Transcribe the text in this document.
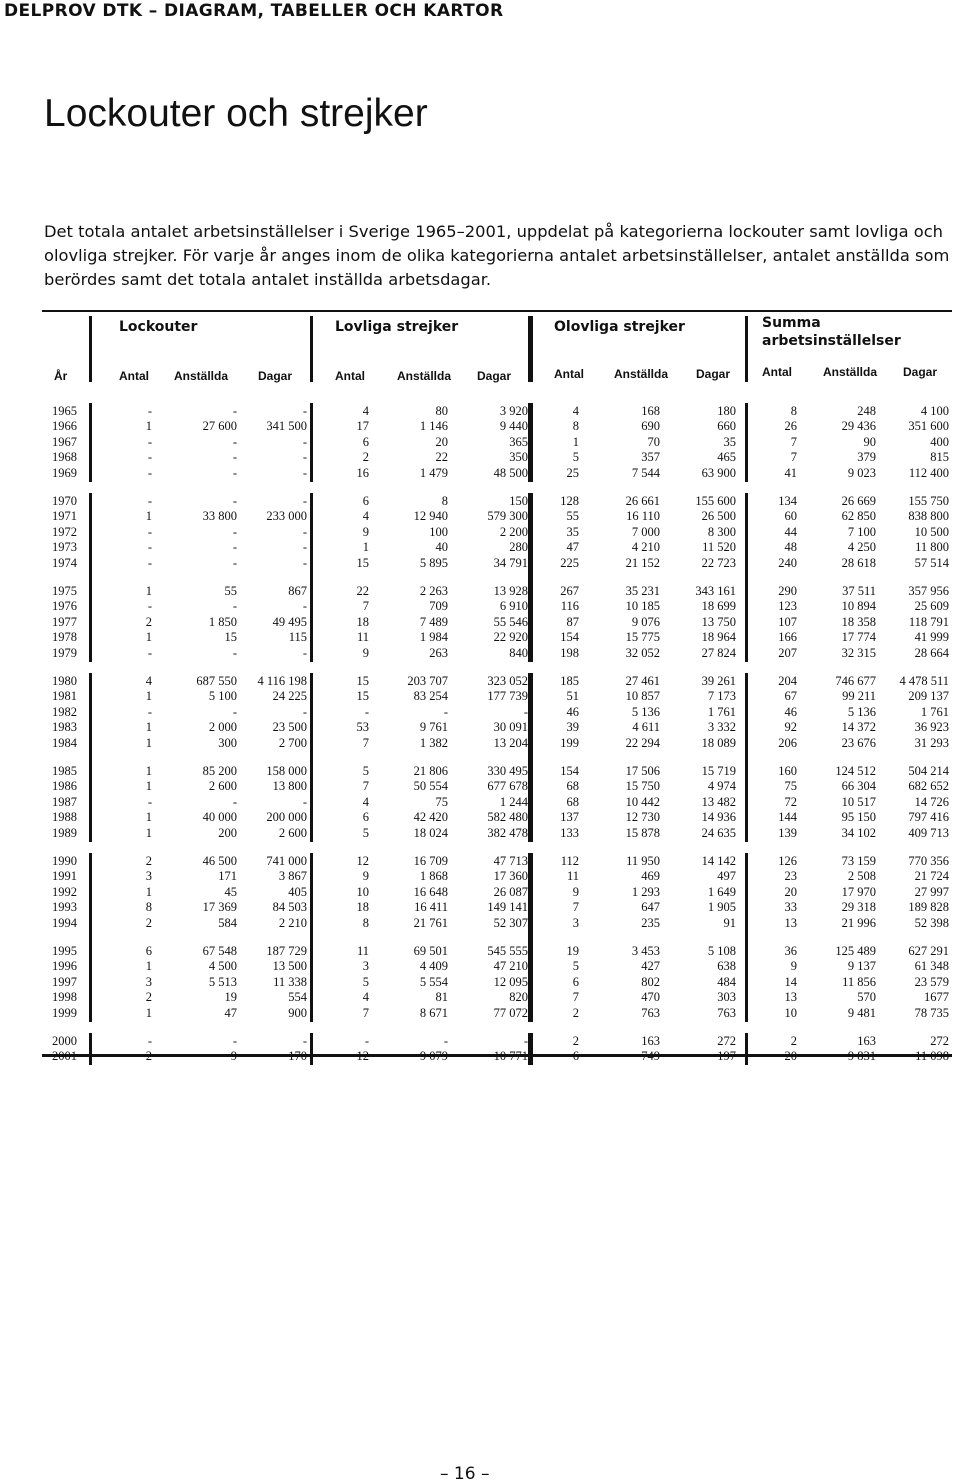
DELPROV DTK – DIAGRAM, TABELLER OCH KARTOR
Lockouter och strejker

Det totala antalet arbetsinställelser i Sverige 1965–2001, uppdelat på kategorierna lockouter samt lovliga och olovliga strejker. För varje år anges inom de olika kategorierna antalet arbetsinställelser, antalet anställda som berördes samt det totala antalet inställda arbetsdagar.

Lockouter	Lovliga strejker	Olovliga strejker	Summa arbetsinställelser
År	Antal Anställda Dagar	Antal	Anställda Dagar	Antal	Anställda Dagar	Antal	Anställda Dagar
1965	-	-	-	4	80	3 920	4	168	180	8	248	4 100
1966	1	27 600	341 500	17	1 146	9 440	8	690	660	26	29 436	351 600
1967	-	-	-	6	20	365	1	70	35	7	90	400
1968	-	-	-	2	22	350	5	357	465	7	379	815
1969	-	-	-	16	1 479	48 500	25	7 544	63 900	41	9 023	112 400
1970	-	-	-	6	8	150	128	26 661	155 600	134	26 669	155 750
1971	1	33 800	233 000	4	12 940	579 300	55	16 110	26 500	60	62 850	838 800
1972	-	-	-	9	100	2 200	35	7 000	8 300	44	7 100	10 500
1973	-	-	-	1	40	280	47	4 210	11 520	48	4 250	11 800
1974	-	-	-	15	5 895	34 791	225	21 152	22 723	240	28 618	57 514
1975	1	55	867	22	2 263	13 928	267	35 231	343 161	290	37 511	357 956
1976	-	-	-	7	709	6 910	116	10 185	18 699	123	10 894	25 609
1977	2	1 850	49 495	18	7 489	55 546	87	9 076	13 750	107	18 358	118 791
1978	1	15	115	11	1 984	22 920	154	15 775	18 964	166	17 774	41 999
1979	-	-	-	9	263	840	198	32 052	27 824	207	32 315	28 664
1980	4	687 550	4 116 198	15	203 707	323 052	185	27 461	39 261	204	746 677	4 478 511
1981	1	5 100	24 225	15	83 254	177 739	51	10 857	7 173	67	99 211	209 137
1982	-	-	-	-	-	-	46	5 136	1 761	46	5 136	1 761
1983	1	2 000	23 500	53	9 761	30 091	39	4 611	3 332	92	14 372	36 923
1984	1	300	2 700	7	1 382	13 204	199	22 294	18 089	206	23 676	31 293
1985	1	85 200	158 000	5	21 806	330 495	154	17 506	15 719	160	124 512	504 214
1986	1	2 600	13 800	7	50 554	677 678	68	15 750	4 974	75	66 304	682 652
1987	-	-	-	4	75	1 244	68	10 442	13 482	72	10 517	14 726
1988	1	40 000	200 000	6	42 420	582 480	137	12 730	14 936	144	95 150	797 416
1989	1	200	2 600	5	18 024	382 478	133	15 878	24 635	139	34 102	409 713
1990	2	46 500	741 000	12	16 709	47 713	112	11 950	14 142	126	73 159	770 356
1991	3	171	3 867	9	1 868	17 360	11	469	497	23	2 508	21 724
1992	1	45	405	10	16 648	26 087	9	1 293	1 649	20	17 970	27 997
1993	8	17 369	84 503	18	16 411	149 141	7	647	1 905	33	29 318	189 828
1994	2	584	2 210	8	21 761	52 307	3	235	91	13	21 996	52 398
1995	6	67 548	187 729	11	69 501	545 555	19	3 453	5 108	36	125 489	627 291
1996	1	4 500	13 500	3	4 409	47 210	5	427	638	9	9 137	61 348
1997	3	5 513	11 338	5	5 554	12 095	6	802	484	14	11 856	23 579
1998	2	19	554	4	81	820	7	470	303	13	570	1677
1999	1	47	900	7	8 671	77 072	2	763	763	10	9 481	78 735
2000	-	-	-	-	-	-	2	163	272	2	163	272
2001	2	9	170	12	9 079	10 771	6	749	197	20	9 831	11 098
– 16 –
